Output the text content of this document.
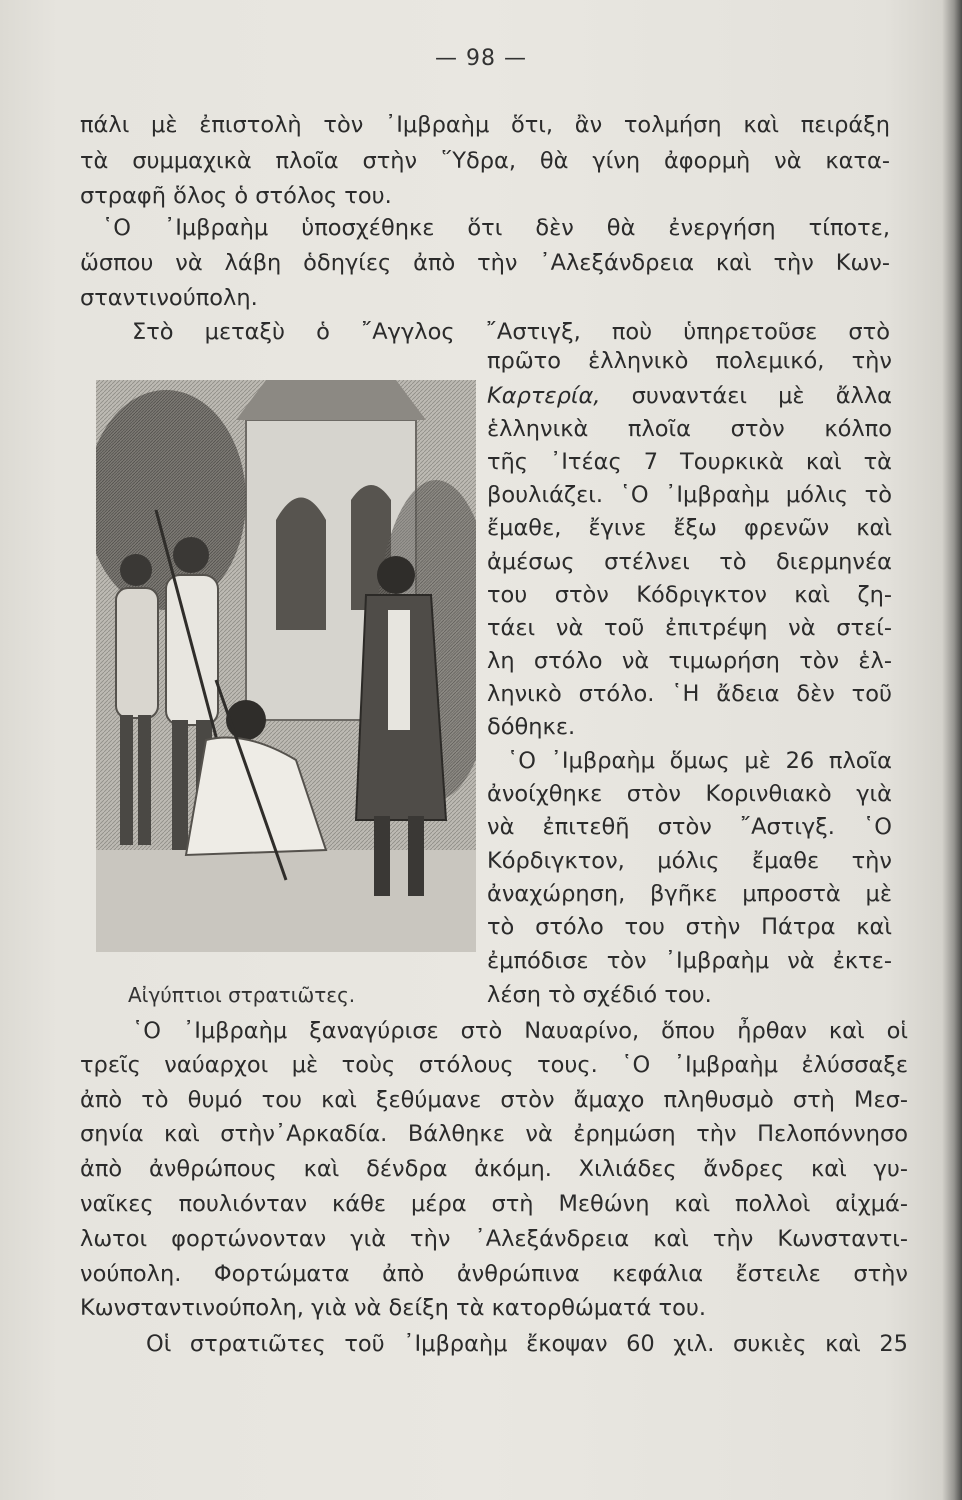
— 98 —
πάλι μὲ ἐπιστολὴ τὸν ᾽Ιμβραὴμ ὅτι, ἂν τολμήση καὶ πειράξη
τὰ συμμαχικὰ πλοῖα στὴν ῞Υδρα, θὰ γίνη ἀφορμὴ νὰ κατα-
στραφῆ ὅλος ὁ στόλος του.
῾Ο ᾽Ιμβραὴμ ὑποσχέθηκε ὅτι δὲν θὰ ἐνεργήση τίποτε,
ὥσπου νὰ λάβη ὁδηγίες ἀπὸ τὴν ᾽Αλεξάνδρεια καὶ τὴν Κων-
σταντινούπολη.
Στὸ μεταξὺ ὁ ῎Αγγλος ῎Αστιγξ, ποὺ ὑπηρετοῦσε στὸ
πρῶτο ἑλληνικὸ πολεμικό, τὴν
Καρτερία, συναντάει μὲ ἄλλα
ἑλληνικὰ πλοῖα στὸν κόλπο
τῆς ᾽Ιτέας 7 Τουρκικὰ καὶ τὰ
βουλιάζει. ῾Ο ᾽Ιμβραὴμ μόλις τὸ
ἔμαθε, ἔγινε ἔξω φρενῶν καὶ
ἀμέσως στέλνει τὸ διερμηνέα
του στὸν Κόδριγκτον καὶ ζη-
τάει νὰ τοῦ ἐπιτρέψη νὰ στεί-
λη στόλο νὰ τιμωρήση τὸν ἑλ-
ληνικὸ στόλο. ῾Η ἄδεια δὲν τοῦ
δόθηκε.
῾Ο ᾽Ιμβραὴμ ὅμως μὲ 26 πλοῖα
ἀνοίχθηκε στὸν Κορινθιακὸ γιὰ
νὰ ἐπιτεθῆ στὸν ῎Αστιγξ. ῾Ο
Κόρδιγκτον, μόλις ἔμαθε τὴν
ἀναχώρηση, βγῆκε μπροστὰ μὲ
τὸ στόλο του στὴν Πάτρα καὶ
ἐμπόδισε τὸν ᾽Ιμβραὴμ νὰ ἐκτε-
λέση τὸ σχέδιό του.
Αἰγύπτιοι στρατιῶτες.
῾Ο ᾽Ιμβραὴμ ξαναγύρισε στὸ Ναυαρίνο, ὅπου ἦρθαν καὶ οἱ
τρεῖς ναύαρχοι μὲ τοὺς στόλους τους. ῾Ο ᾽Ιμβραὴμ ἐλύσσαξε
ἀπὸ τὸ θυμό του καὶ ξεθύμανε στὸν ἄμαχο πληθυσμὸ στὴ Μεσ-
σηνία καὶ στὴν᾽Αρκαδία. Βάλθηκε νὰ ἐρημώση τὴν Πελοπόννησο
ἀπὸ ἀνθρώπους καὶ δένδρα ἀκόμη. Χιλιάδες ἄνδρες καὶ γυ-
ναῖκες πουλιόνταν κάθε μέρα στὴ Μεθώνη καὶ πολλοὶ αἰχμά-
λωτοι φορτώνονταν γιὰ τὴν ᾽Αλεξάνδρεια καὶ τὴν Κωνσταντι-
νούπολη. Φορτώματα ἀπὸ ἀνθρώπινα κεφάλια ἔστειλε στὴν
Κωνσταντινούπολη, γιὰ νὰ δείξη τὰ κατορθώματά του.
Οἱ στρατιῶτες τοῦ ᾽Ιμβραὴμ ἔκοψαν 60 χιλ. συκιὲς καὶ 25
